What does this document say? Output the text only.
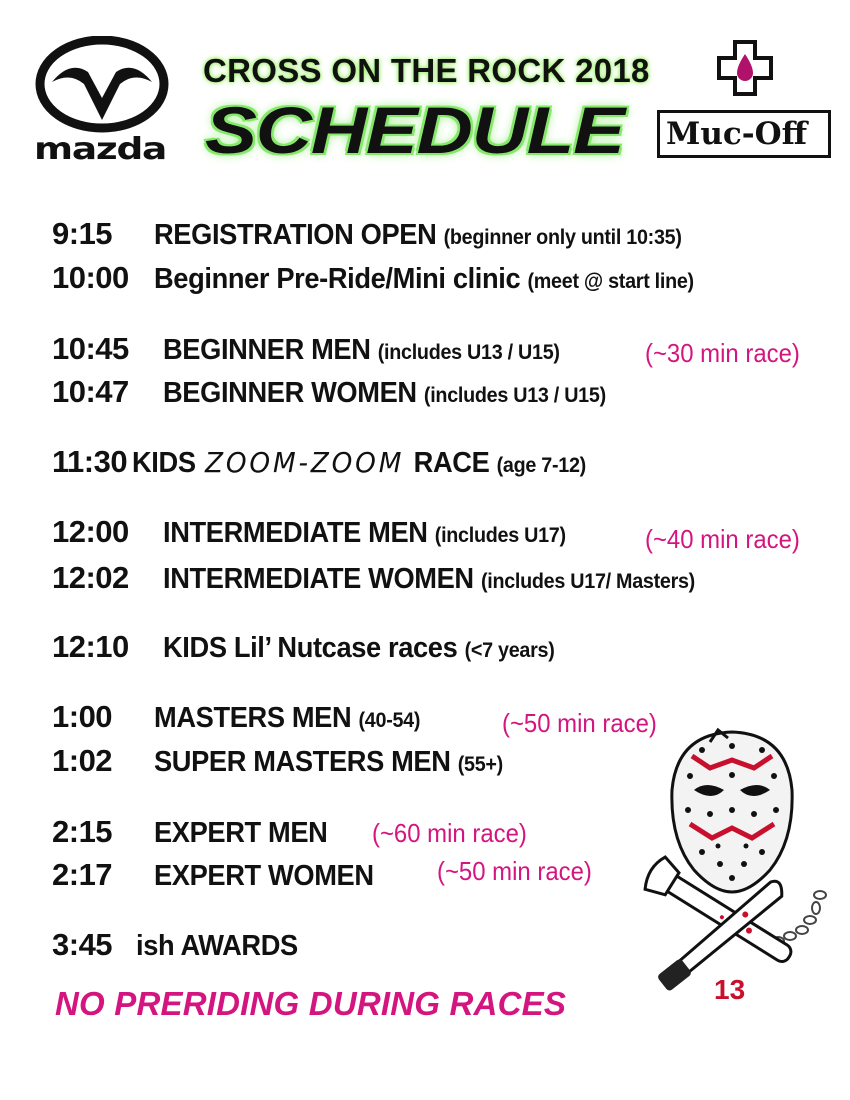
mazda
CROSS ON THE ROCK 2018
SCHEDULE Muc-Off
9:15 REGISTRATION OPEN (beginner only until 10:35)
10:00 Beginner Pre-Ride/Mini clinic (meet @ start line)
10:45 BEGINNER MEN (includes U13 / U15)	(~30 min race)
10:47 BEGINNER WOMEN (includes U13 / U15)
11:30 KIDS ZOOM-ZOOM RACE (age 7-12)
12:00 INTERMEDIATE MEN (includes U17)	(~40 min race)
12:02 INTERMEDIATE WOMEN (includes U17/ Masters)
12:10 KIDS Lil’ Nutcase races (<7 years)
1:00 MASTERS MEN (40-54)	(~50 min race)
1:02 SUPER MASTERS MEN (55+)
2:15 EXPERT MEN	(~60 min race)
2:17 EXPERT WOMEN	(~50 min race)
3:45 ish AWARDS
NO PRERIDING DURING RACES	13
